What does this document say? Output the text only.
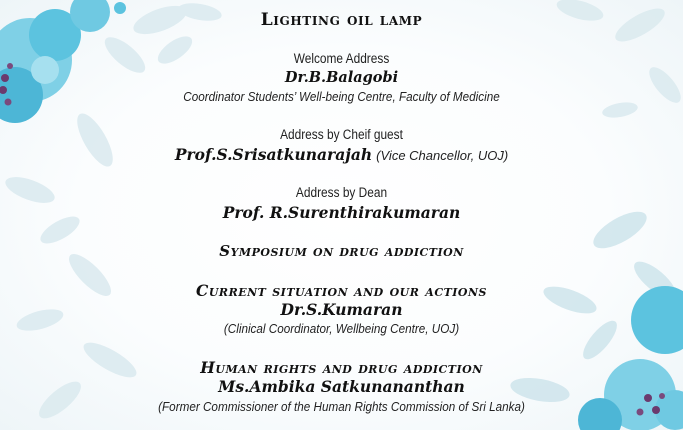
Lighting oil lamp
Welcome Address
Dr.B.Balagobi
Coordinator Students’ Well-being Centre, Faculty of Medicine
Address by Cheif guest
Prof.S.Srisatkunarajah (Vice Chancellor, UOJ)
Address by Dean
Prof. R.Surenthirakumaran
Symposium on drug addiction
Current situation and our actions
Dr.S.Kumaran
(Clinical Coordinator, Wellbeing Centre, UOJ)
Human rights and drug addiction
Ms.Ambika Satkunananthan
(Former Commissioner of the Human Rights Commission of Sri Lanka)
